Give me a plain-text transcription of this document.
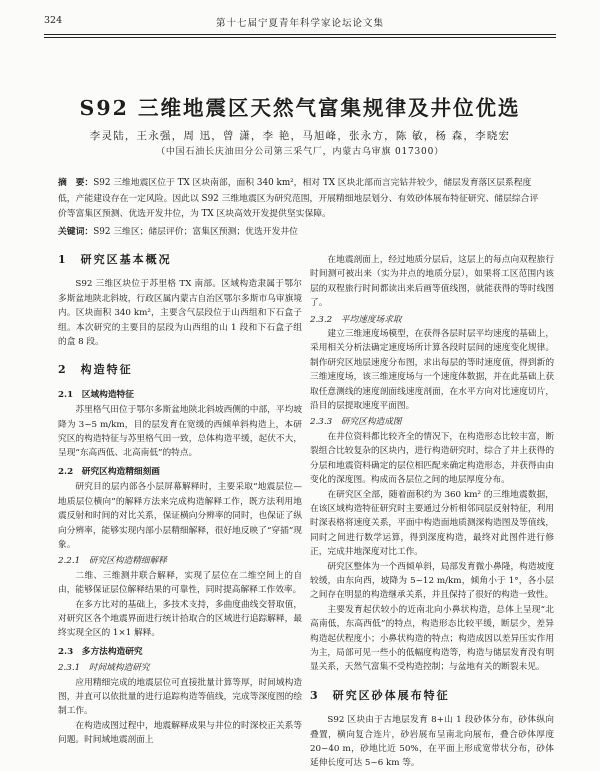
324	第十七届宁夏青年科学家论坛论文集
S92 三维地震区天然气富集规律及井位优选
李灵陆，王永强，周 迅，曾 潇，李 艳，马旭峰，张永方，陈 敏，杨 森，李晓宏
（中国石油长庆油田分公司第三采气厂，内蒙古乌审旗 017300）
摘　要：S92 三维地震区位于 TX 区块南部，面积 340 km²，相对 TX 区块北部而言完钻井较少，储层发育落区层系程度低，产能建设存在一定风险。因此以 S92 三维地震区为研究范围，开展精细地层划分、有效砂体展布特征研究、储层综合评价等富集区预测、优选开发井位，为 TX 区块高效开发提供坚实保障。
关键词：S92 三维区；储层评价；富集区预测；优选开发井位
1　研究区基本概况

S92 三维区块位于苏里格 TX 南部。区域构造隶属于鄂尔多斯盆地陕北斜坡，行政区属内蒙古自治区鄂尔多斯市乌审旗境内。区块面积 340 km²，主要含气层段位于山西组和下石盒子组。本次研究的主要目的层段为山西组的山 1 段和下石盒子组的盒 8 段。

2　构造特征
2.1　区域构造特征

苏里格气田位于鄂尔多斯盆地陕北斜坡西侧的中部，平均坡降为 3~5 m/km，目的层发育在宽缓的西倾单斜构造上，本研究区的构造特征与苏里格气田一致，总体构造平缓，起伏不大，呈现“东高西低、北高南低”的特点。

2.2　研究区构造精细刻画

研究目的层内部各小层屏幕解释时，主要采取“地震层位—地质层位横向”的解释方法来完成构造解释工作，既方法利用地震反射和时间的对比关系，保证横向分辨率的同时，也保证了纵向分辨率，能够实现内部小层精细解释，很好地反映了“穿插”现象。

2.2.1　研究区构造精细解释

二维、三维测井联合解释，实现了层位在二维空间上的自由，能够保证层位解释结果的可靠性，同时提高解释工作效率。

在多方比对的基础上，多技术支持，多曲度曲线交替取值，对研究区各个地震界面进行统计拾取合的区域进行追踪解释，最终实现全区的 1×1 解释。

2.3　多方法构造研究
2.3.1　时间域构造研究

应用精细完成的地震层位可直接批量计算等厚，时间域构造图，并直可以依批量的进行追踪构造等值线，完成等深度图的绘制工作。

在构造成图过程中，地震解释成果与井位的时深校正关系等问题。时间域地震剖面上

在地震剖面上，经过地质分层后，这层上的每点向双程旅行时间测可被出来（实为井点的地质分层），如果将工区范围内该层的双程旅行时间都读出来后画等值线图，就能获得的等时线图了。

2.3.2　平均速度场求取

建立三维速度场模型，在获得各层时层平均速度的基础上，采用相关分析法确定速度场所计算各段时层间的速度变化规律。制作研究区地层速度分布图，求出每层的等时速度值，得到新的三维速度场，该三维速度场与一个速度体数据，并在此基础上获取任意测线的速度剖面线速度剖面，在水平方向对比速度切片，沿目的层提取速度平面图。

2.3.3　研究区构造成图

在井位资料都比较齐全的情况下，在构造形态比较丰富，断裂组合比较复杂的区块内，进行构造研究时，综合了井上获得的分层和地震资料确定的层位相匹配来确定构造形态，并获得由由变化的深度图。构成而各层位之间的地层厚度分布。

在研究区全部，随着面积约为 360 km² 的三维地震数据，在该区域构造特征研究时主要通过分析相邻同层反射特征，利用时深表格将速度关系，平面中构造面地质测深构造图及等值线，同时之间进行数学运算，得到深度构造，最终对此图件进行修正，完成井地深度对比工作。

研究区整体为一个西倾单斜，局部发育微小鼻隆，构造坡度较缓，由东向西，坡降为 5~12 m/km，倾角小于 1°，各小层之间存在明显的构造继承关系，并且保持了很好的构造一致性。

主要发育起伏较小的近南北向小鼻状构造，总体上呈现“北高南低，东高西低”的特点，构造形态比较平缓，断层少，差异构造起伏程度小；小鼻状构造的特点；构造成因以差异压实作用为主，局部可见一些小的低幅度构造等，构造与储层发育没有明显关系，天然气富集不受构造控制；与盆地有关的断裂未见。

3　研究区砂体展布特征

S92 区块由于古地层发育 8+山 1 段砂体分布，砂体纵向叠置，横向复合连片，砂岩展布呈南北向展布，叠合砂体厚度 20~40 m，砂地比近 50%，在平面上形成宽带状分布，砂体延伸长度可达 5~6 km 等。
